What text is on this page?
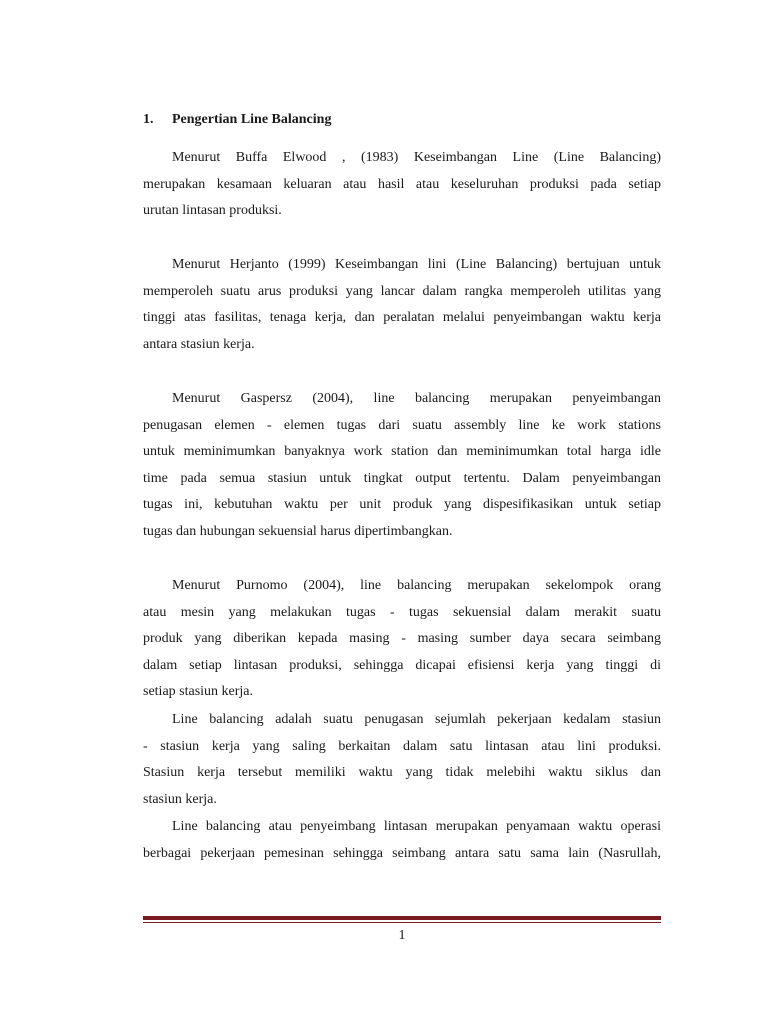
1. Pengertian Line Balancing
Menurut Buffa Elwood , (1983) Keseimbangan Line (Line Balancing)
merupakan kesamaan keluaran atau hasil atau keseluruhan produksi pada setiap
urutan lintasan produksi.
Menurut Herjanto (1999) Keseimbangan lini (Line Balancing) bertujuan untuk
memperoleh suatu arus produksi yang lancar dalam rangka memperoleh utilitas yang
tinggi atas fasilitas, tenaga kerja, dan peralatan melalui penyeimbangan waktu kerja
antara stasiun kerja.
Menurut Gaspersz (2004), line balancing merupakan penyeimbangan
penugasan elemen - elemen tugas dari suatu assembly line ke work stations
untuk meminimumkan banyaknya work station dan meminimumkan total harga idle
time pada semua stasiun untuk tingkat output tertentu. Dalam penyeimbangan
tugas ini, kebutuhan waktu per unit produk yang dispesifikasikan untuk setiap
tugas dan hubungan sekuensial harus dipertimbangkan.
Menurut Purnomo (2004), line balancing merupakan sekelompok orang
atau mesin yang melakukan tugas - tugas sekuensial dalam merakit suatu
produk yang diberikan kepada masing - masing sumber daya secara seimbang
dalam setiap lintasan produksi, sehingga dicapai efisiensi kerja yang tinggi di
setiap stasiun kerja.
Line balancing adalah suatu penugasan sejumlah pekerjaan kedalam stasiun
- stasiun kerja yang saling berkaitan dalam satu lintasan atau lini produksi.
Stasiun kerja tersebut memiliki waktu yang tidak melebihi waktu siklus dan
stasiun kerja.
Line balancing atau penyeimbang lintasan merupakan penyamaan waktu operasi
berbagai pekerjaan pemesinan sehingga seimbang antara satu sama lain (Nasrullah,
1
